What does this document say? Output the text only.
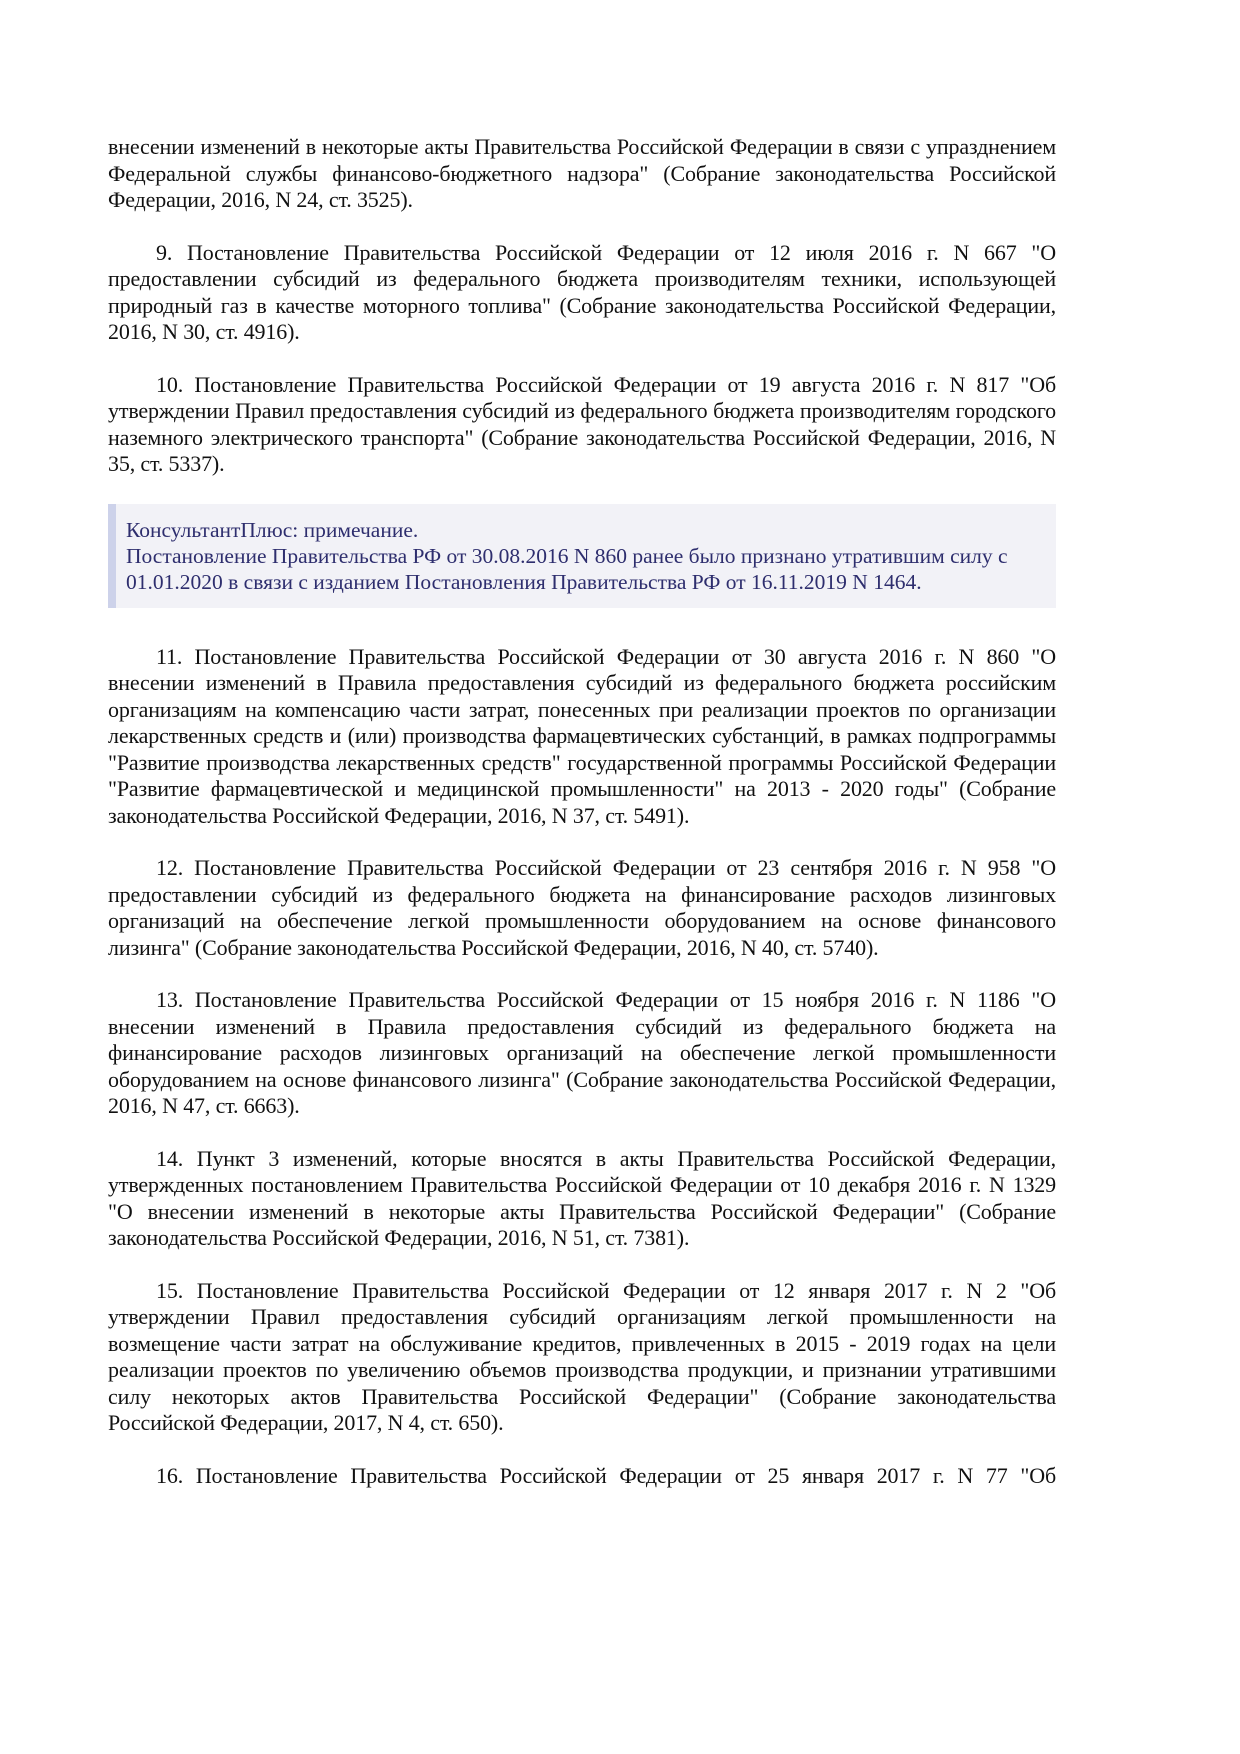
внесении изменений в некоторые акты Правительства Российской Федерации в связи с упразднением Федеральной службы финансово-бюджетного надзора" (Собрание законодательства Российской Федерации, 2016, N 24, ст. 3525).

9. Постановление Правительства Российской Федерации от 12 июля 2016 г. N 667 "О предоставлении субсидий из федерального бюджета производителям техники, использующей природный газ в качестве моторного топлива" (Собрание законодательства Российской Федерации, 2016, N 30, ст. 4916).

10. Постановление Правительства Российской Федерации от 19 августа 2016 г. N 817 "Об утверждении Правил предоставления субсидий из федерального бюджета производителям городского наземного электрического транспорта" (Собрание законодательства Российской Федерации, 2016, N 35, ст. 5337).

КонсультантПлюс: примечание.
Постановление Правительства РФ от 30.08.2016 N 860 ранее было признано утратившим силу с 01.01.2020 в связи с изданием Постановления Правительства РФ от 16.11.2019 N 1464.

11. Постановление Правительства Российской Федерации от 30 августа 2016 г. N 860 "О внесении изменений в Правила предоставления субсидий из федерального бюджета российским организациям на компенсацию части затрат, понесенных при реализации проектов по организации лекарственных средств и (или) производства фармацевтических субстанций, в рамках подпрограммы "Развитие производства лекарственных средств" государственной программы Российской Федерации "Развитие фармацевтической и медицинской промышленности" на 2013 - 2020 годы" (Собрание законодательства Российской Федерации, 2016, N 37, ст. 5491).

12. Постановление Правительства Российской Федерации от 23 сентября 2016 г. N 958 "О предоставлении субсидий из федерального бюджета на финансирование расходов лизинговых организаций на обеспечение легкой промышленности оборудованием на основе финансового лизинга" (Собрание законодательства Российской Федерации, 2016, N 40, ст. 5740).

13. Постановление Правительства Российской Федерации от 15 ноября 2016 г. N 1186 "О внесении изменений в Правила предоставления субсидий из федерального бюджета на финансирование расходов лизинговых организаций на обеспечение легкой промышленности оборудованием на основе финансового лизинга" (Собрание законодательства Российской Федерации, 2016, N 47, ст. 6663).

14. Пункт 3 изменений, которые вносятся в акты Правительства Российской Федерации, утвержденных постановлением Правительства Российской Федерации от 10 декабря 2016 г. N 1329 "О внесении изменений в некоторые акты Правительства Российской Федерации" (Собрание законодательства Российской Федерации, 2016, N 51, ст. 7381).

15. Постановление Правительства Российской Федерации от 12 января 2017 г. N 2 "Об утверждении Правил предоставления субсидий организациям легкой промышленности на возмещение части затрат на обслуживание кредитов, привлеченных в 2015 - 2019 годах на цели реализации проектов по увеличению объемов производства продукции, и признании утратившими силу некоторых актов Правительства Российской Федерации" (Собрание законодательства Российской Федерации, 2017, N 4, ст. 650).

16. Постановление Правительства Российской Федерации от 25 января 2017 г. N 77 "Об
